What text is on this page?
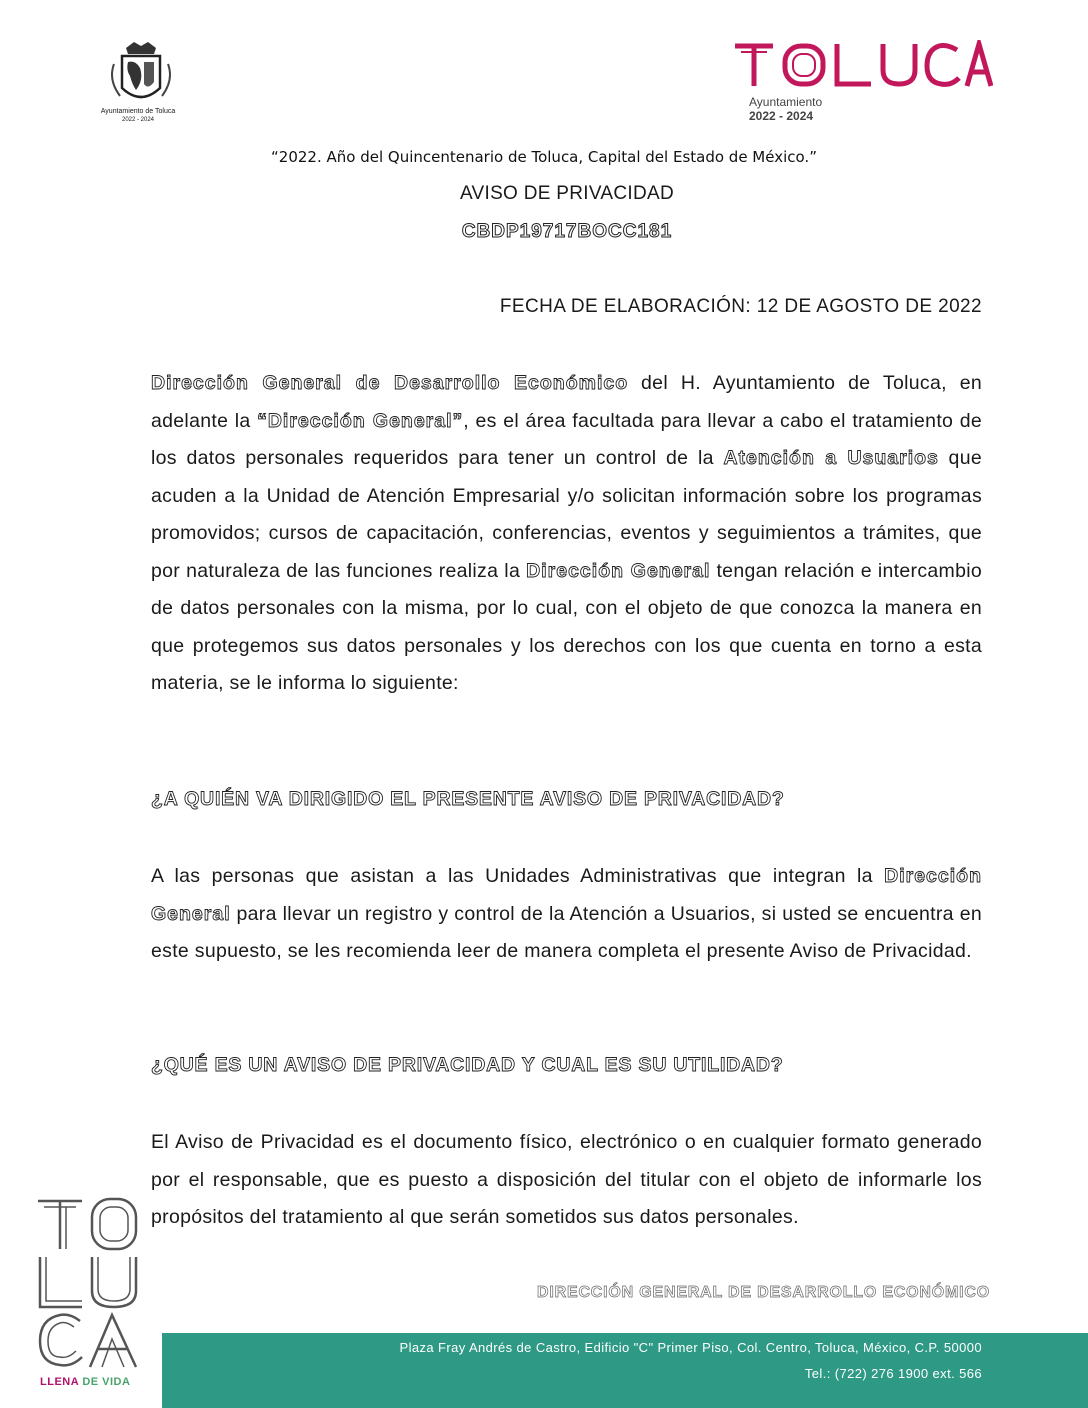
Ayuntamiento de Toluca
2022 - 2024
Ayuntamiento
2022 - 2024
“2022. Año del Quincentenario de Toluca, Capital del Estado de México.”
AVISO DE PRIVACIDAD
CBDP19717BOCC181
FECHA DE ELABORACIÓN: 12 DE AGOSTO DE 2022
Dirección General de Desarrollo Económico del H. Ayuntamiento de Toluca, en adelante la “Dirección General”, es el área facultada para llevar a cabo el tratamiento de los datos personales requeridos para tener un control de la Atención a Usuarios que acuden a la Unidad de Atención Empresarial y/o solicitan información sobre los programas promovidos; cursos de capacitación, conferencias, eventos y seguimientos a trámites, que por naturaleza de las funciones realiza la Dirección General tengan relación e intercambio de datos personales con la misma, por lo cual, con el objeto de que conozca la manera en que protegemos sus datos personales y los derechos con los que cuenta en torno a esta materia, se le informa lo siguiente:
¿A QUIÉN VA DIRIGIDO EL PRESENTE AVISO DE PRIVACIDAD?
A las personas que asistan a las Unidades Administrativas que integran la Dirección General para llevar un registro y control de la Atención a Usuarios, si usted se encuentra en este supuesto, se les recomienda leer de manera completa el presente Aviso de Privacidad.
¿QUÉ ES UN AVISO DE PRIVACIDAD Y CUAL ES SU UTILIDAD?
El Aviso de Privacidad es el documento físico, electrónico o en cualquier formato generado por el responsable, que es puesto a disposición del titular con el objeto de informarle los propósitos del tratamiento al que serán sometidos sus datos personales.
DIRECCIÓN GENERAL DE DESARROLLO ECONÓMICO
Plaza Fray Andrés de Castro, Edificio "C" Primer Piso, Col. Centro, Toluca, México, C.P. 50000
Tel.: (722) 276 1900 ext. 566
LLENA DE VIDA
